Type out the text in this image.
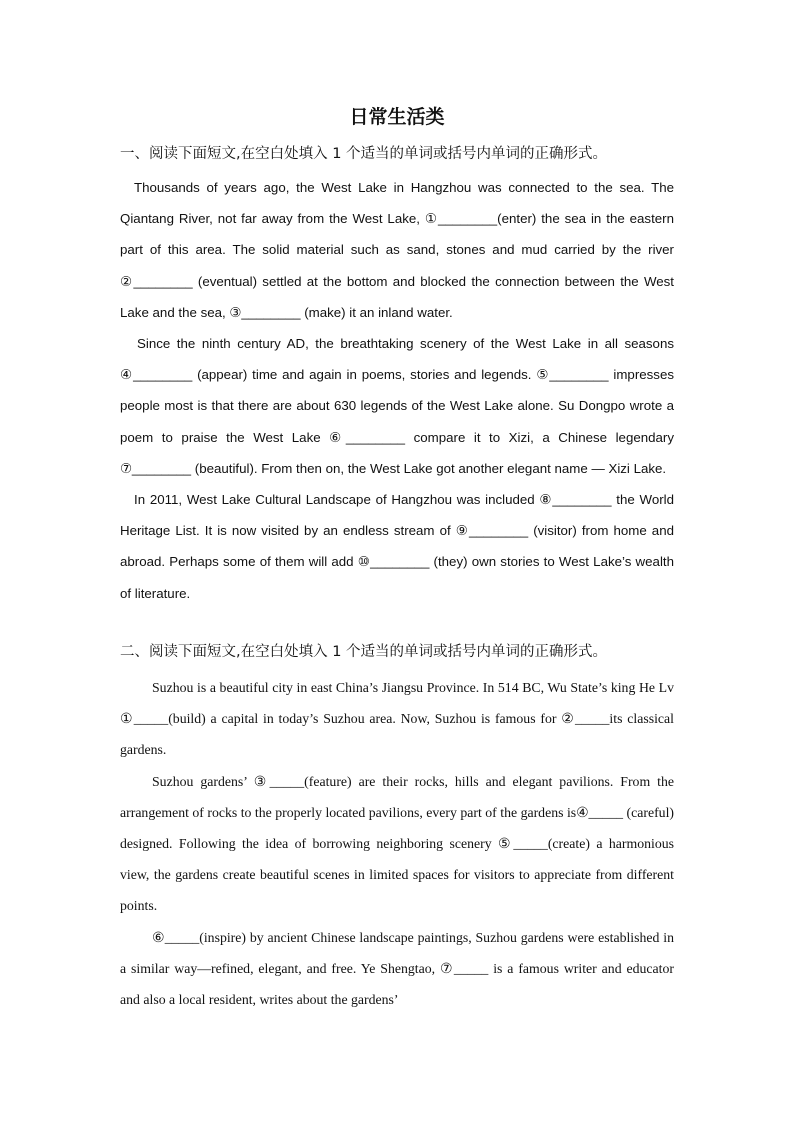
日常生活类
一、阅读下面短文,在空白处填入 1 个适当的单词或括号内单词的正确形式。

Thousands of years ago, the West Lake in Hangzhou was connected to the sea. The Qiantang River, not far away from the West Lake, ①________(enter) the sea in the eastern part of this area. The solid material such as sand, stones and mud carried by the river ②________ (eventual) settled at the bottom and blocked the connection between the West Lake and the sea, ③________ (make) it an inland water.

Since the ninth century AD, the breathtaking scenery of the West Lake in all seasons ④________ (appear) time and again in poems, stories and legends. ⑤________ impresses people most is that there are about 630 legends of the West Lake alone. Su Dongpo wrote a poem to praise the West Lake ⑥________ compare it to Xizi, a Chinese legendary ⑦________ (beautiful). From then on, the West Lake got another elegant name — Xizi Lake.

In 2011, West Lake Cultural Landscape of Hangzhou was included ⑧________ the World Heritage List. It is now visited by an endless stream of ⑨________ (visitor) from home and abroad. Perhaps some of them will add ⑩________ (they) own stories to West Lake’s wealth of literature.

二、阅读下面短文,在空白处填入 1 个适当的单词或括号内单词的正确形式。

Suzhou is a beautiful city in east China’s Jiangsu Province. In 514 BC, Wu State’s king He Lv ①_____(build) a capital in today’s Suzhou area. Now, Suzhou is famous for ②_____its classical gardens.

Suzhou gardens’ ③_____(feature) are their rocks, hills and elegant pavilions. From the arrangement of rocks to the properly located pavilions, every part of the gardens is④_____ (careful) designed. Following the idea of borrowing neighboring scenery ⑤_____(create) a harmonious view, the gardens create beautiful scenes in limited spaces for visitors to appreciate from different points.

⑥_____(inspire) by ancient Chinese landscape paintings, Suzhou gardens were established in a similar way—refined, elegant, and free. Ye Shengtao, ⑦_____ is a famous writer and educator and also a local resident, writes about the gardens’
